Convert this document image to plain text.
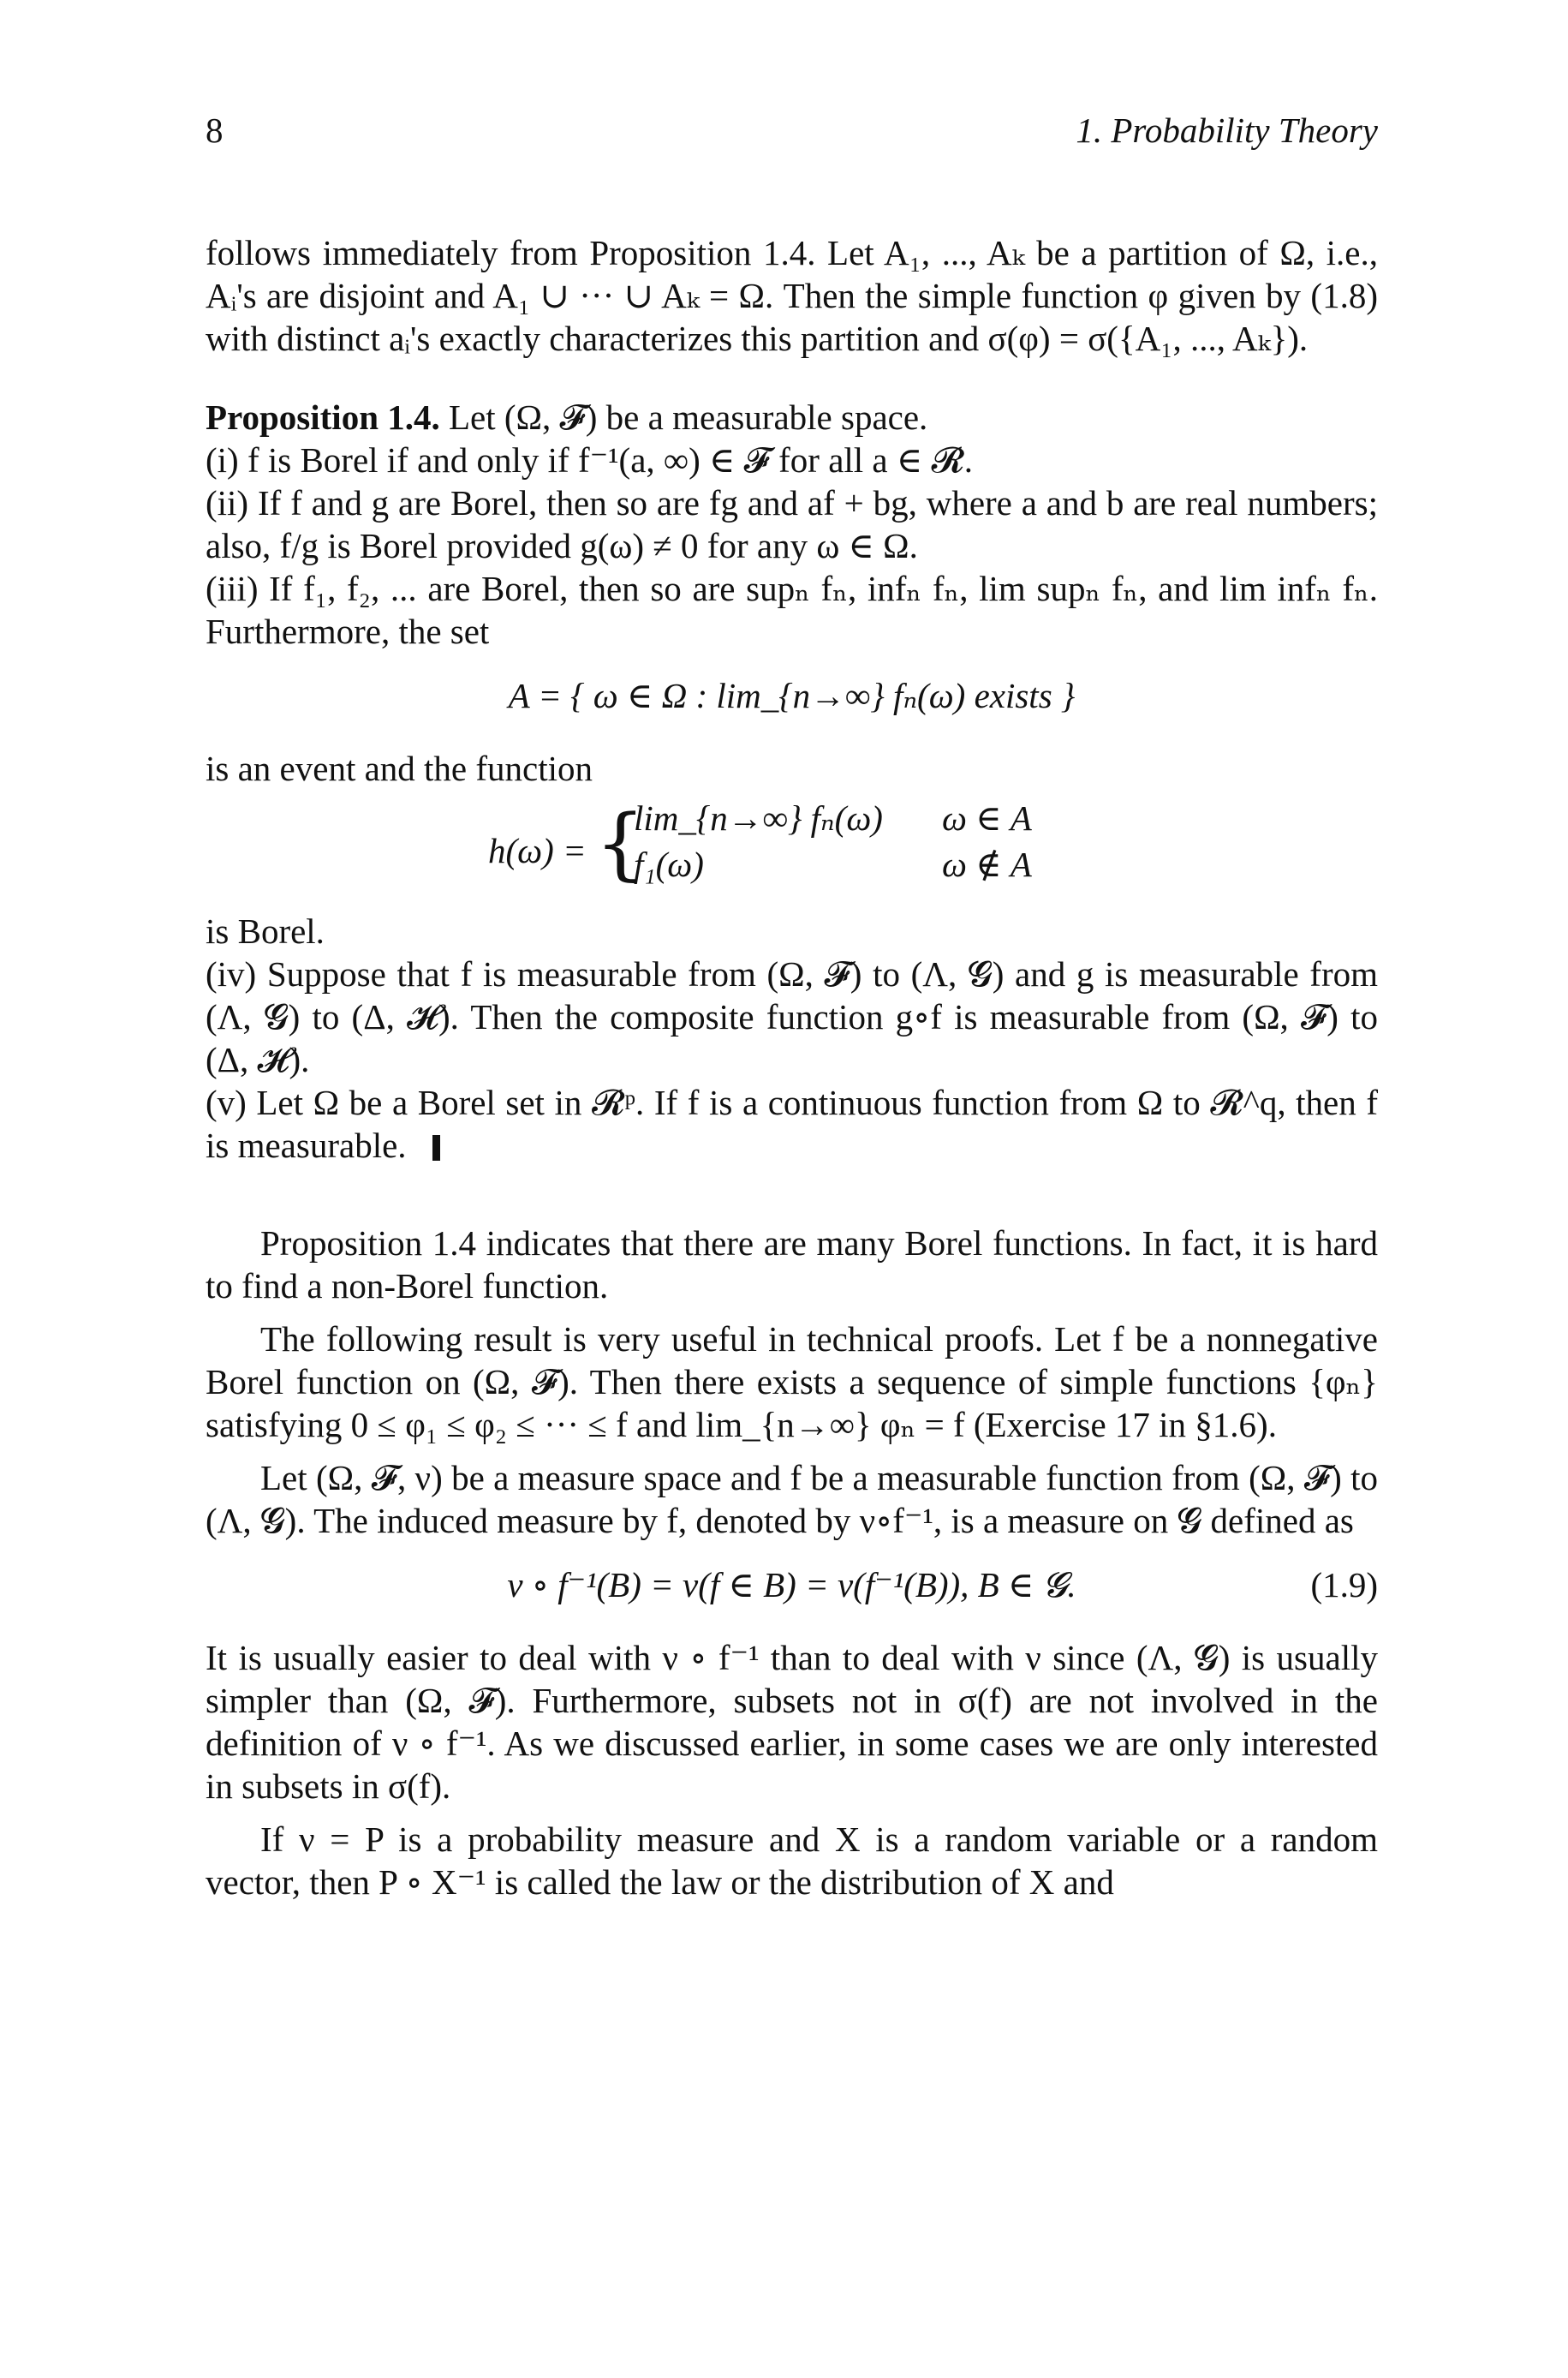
8	1. Probability Theory

follows immediately from Proposition 1.4. Let A₁, ..., Aₖ be a partition of Ω, i.e., Aᵢ's are disjoint and A₁ ∪ ··· ∪ Aₖ = Ω. Then the simple function φ given by (1.8) with distinct aᵢ's exactly characterizes this partition and σ(φ) = σ({A₁, ..., Aₖ}).

Proposition 1.4. Let (Ω, 𝓕) be a measurable space.

(i) f is Borel if and only if f⁻¹(a, ∞) ∈ 𝓕 for all a ∈ 𝓡.

(ii) If f and g are Borel, then so are fg and af + bg, where a and b are real numbers; also, f/g is Borel provided g(ω) ≠ 0 for any ω ∈ Ω.

(iii) If f₁, f₂, ... are Borel, then so are supₙ fₙ, infₙ fₙ, lim supₙ fₙ, and lim infₙ fₙ. Furthermore, the set

A = { ω ∈ Ω : lim_{n→∞} fₙ(ω) exists }

is an event and the function

h(ω) = {
lim_{n→∞} fₙ(ω) ω ∈ A
f₁(ω)	ω ∉ A

is Borel.

(iv) Suppose that f is measurable from (Ω, 𝓕) to (Λ, 𝓖) and g is measurable from (Λ, 𝓖) to (Δ, 𝓗). Then the composite function g∘f is measurable from (Ω, 𝓕) to (Δ, 𝓗).

(v) Let Ω be a Borel set in 𝓡ᵖ. If f is a continuous function from Ω to 𝓡^q, then f is measurable.

Proposition 1.4 indicates that there are many Borel functions. In fact, it is hard to find a non-Borel function.

The following result is very useful in technical proofs. Let f be a nonnegative Borel function on (Ω, 𝓕). Then there exists a sequence of simple functions {φₙ} satisfying 0 ≤ φ₁ ≤ φ₂ ≤ ··· ≤ f and lim_{n→∞} φₙ = f (Exercise 17 in §1.6).

Let (Ω, 𝓕, ν) be a measure space and f be a measurable function from (Ω, 𝓕) to (Λ, 𝓖). The induced measure by f, denoted by ν∘f⁻¹, is a measure on 𝓖 defined as

ν ∘ f⁻¹(B) = ν(f ∈ B) = ν(f⁻¹(B)), B ∈ 𝓖.	(1.9)

It is usually easier to deal with ν ∘ f⁻¹ than to deal with ν since (Λ, 𝓖) is usually simpler than (Ω, 𝓕). Furthermore, subsets not in σ(f) are not involved in the definition of ν ∘ f⁻¹. As we discussed earlier, in some cases we are only interested in subsets in σ(f).

If ν = P is a probability measure and X is a random variable or a random vector, then P ∘ X⁻¹ is called the law or the distribution of X and
